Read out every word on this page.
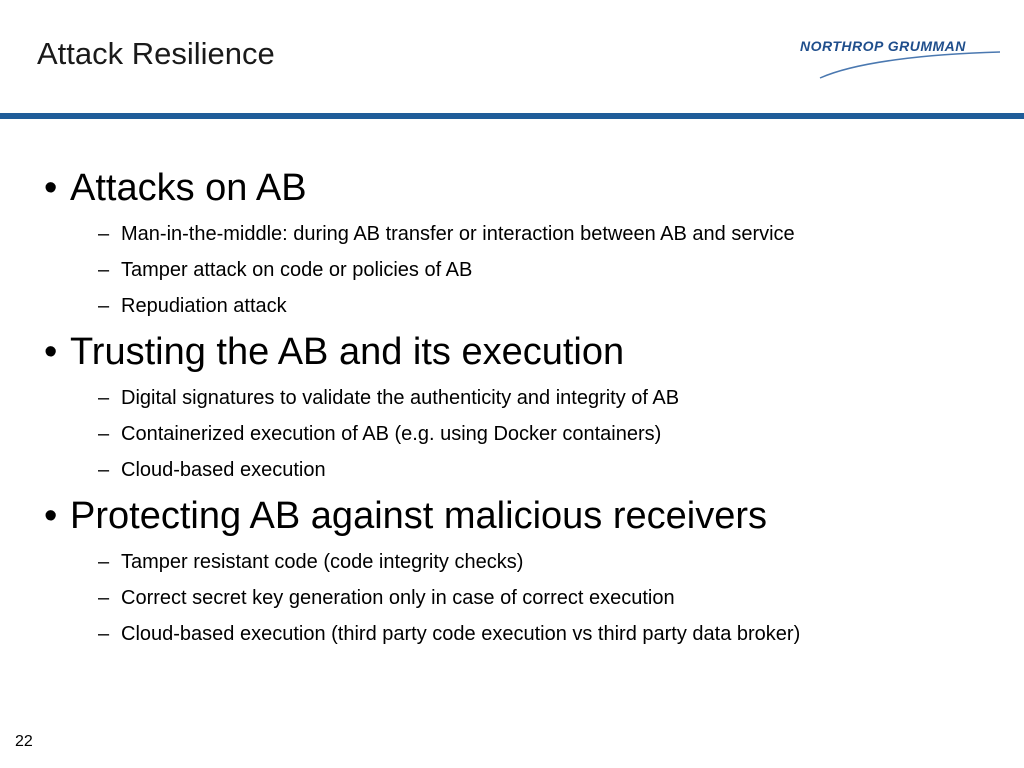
Attack Resilience	NORTHROP GRUMMAN
• Attacks on AB
– Man-in-the-middle: during AB transfer or interaction between AB and service
– Tamper attack on code or policies of AB
– Repudiation attack
• Trusting the AB and its execution
– Digital signatures to validate the authenticity and integrity of AB
– Containerized execution of AB (e.g. using Docker containers)
– Cloud-based execution
• Protecting AB against malicious receivers
– Tamper resistant code (code integrity checks)
– Correct secret key generation only in case of correct execution
– Cloud-based execution (third party code execution vs third party data broker)
22
